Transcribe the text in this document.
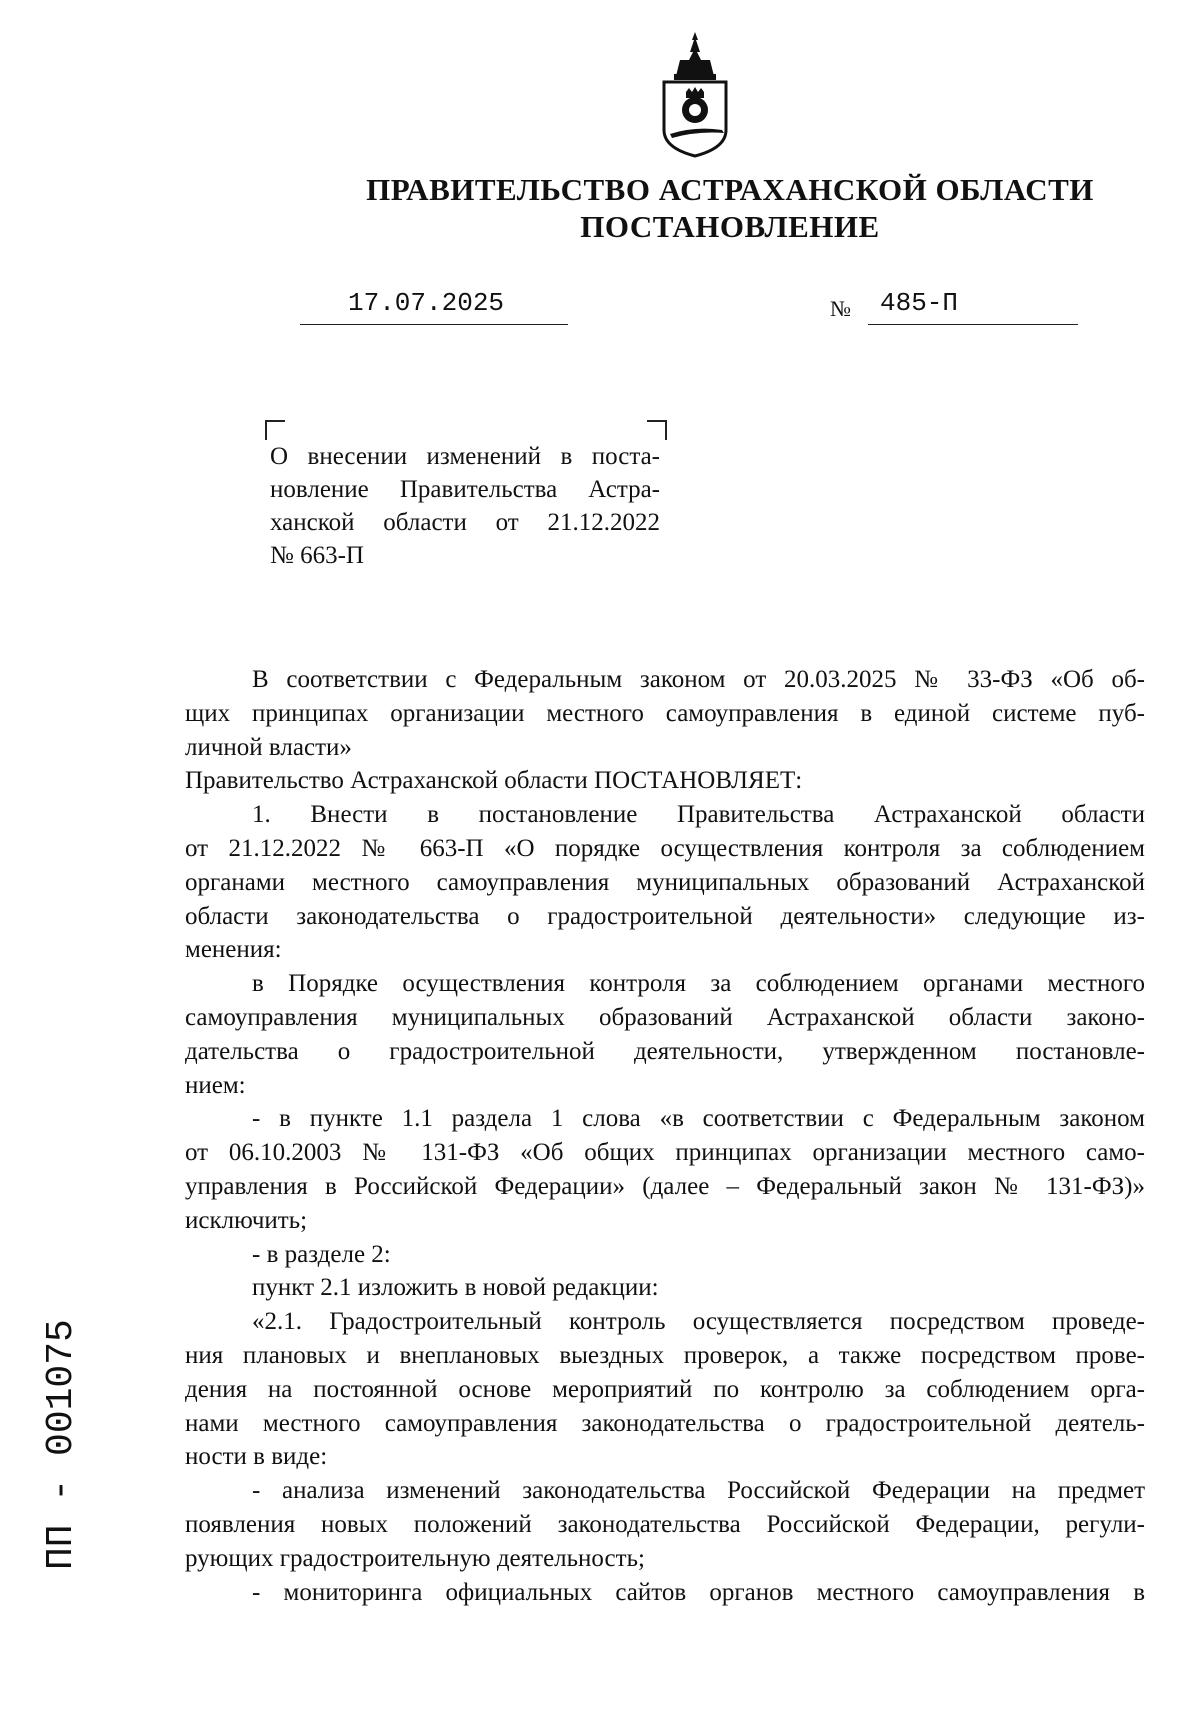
ПРАВИТЕЛЬСТВО АСТРАХАНСКОЙ ОБЛАСТИ
ПОСТАНОВЛЕНИЕ
17.07.2025	№ 485-П
О внесении изменений в поста-
новление Правительства Астра-
ханской области от 21.12.2022
№ 663-П
В соответствии с Федеральным законом от 20.03.2025 № 33-ФЗ «Об об-
щих принципах организации местного самоуправления в единой системе пуб-
личной власти»
Правительство Астраханской области ПОСТАНОВЛЯЕТ:
1. Внести в постановление Правительства Астраханской области
от 21.12.2022 № 663-П «О порядке осуществления контроля за соблюдением
органами местного самоуправления муниципальных образований Астраханской
области законодательства о градостроительной деятельности» следующие из-
менения:
в Порядке осуществления контроля за соблюдением органами местного
самоуправления муниципальных образований Астраханской области законо-
дательства о градостроительной деятельности, утвержденном постановле-
нием:
- в пункте 1.1 раздела 1 слова «в соответствии с Федеральным законом
от 06.10.2003 № 131-ФЗ «Об общих принципах организации местного само-
управления в Российской Федерации» (далее – Федеральный закон № 131-ФЗ)»
исключить;
- в разделе 2:
пункт 2.1 изложить в новой редакции:
«2.1. Градостроительный контроль осуществляется посредством проведе-
ния плановых и внеплановых выездных проверок, а также посредством прове-
дения на постоянной основе мероприятий по контролю за соблюдением орга-
нами местного самоуправления законодательства о градостроительной деятель-
ности в виде:
- анализа изменений законодательства Российской Федерации на предмет
появления новых положений законодательства Российской Федерации, регули-
рующих градостроительную деятельность;
- мониторинга официальных сайтов органов местного самоуправления в
ПП - 001075
